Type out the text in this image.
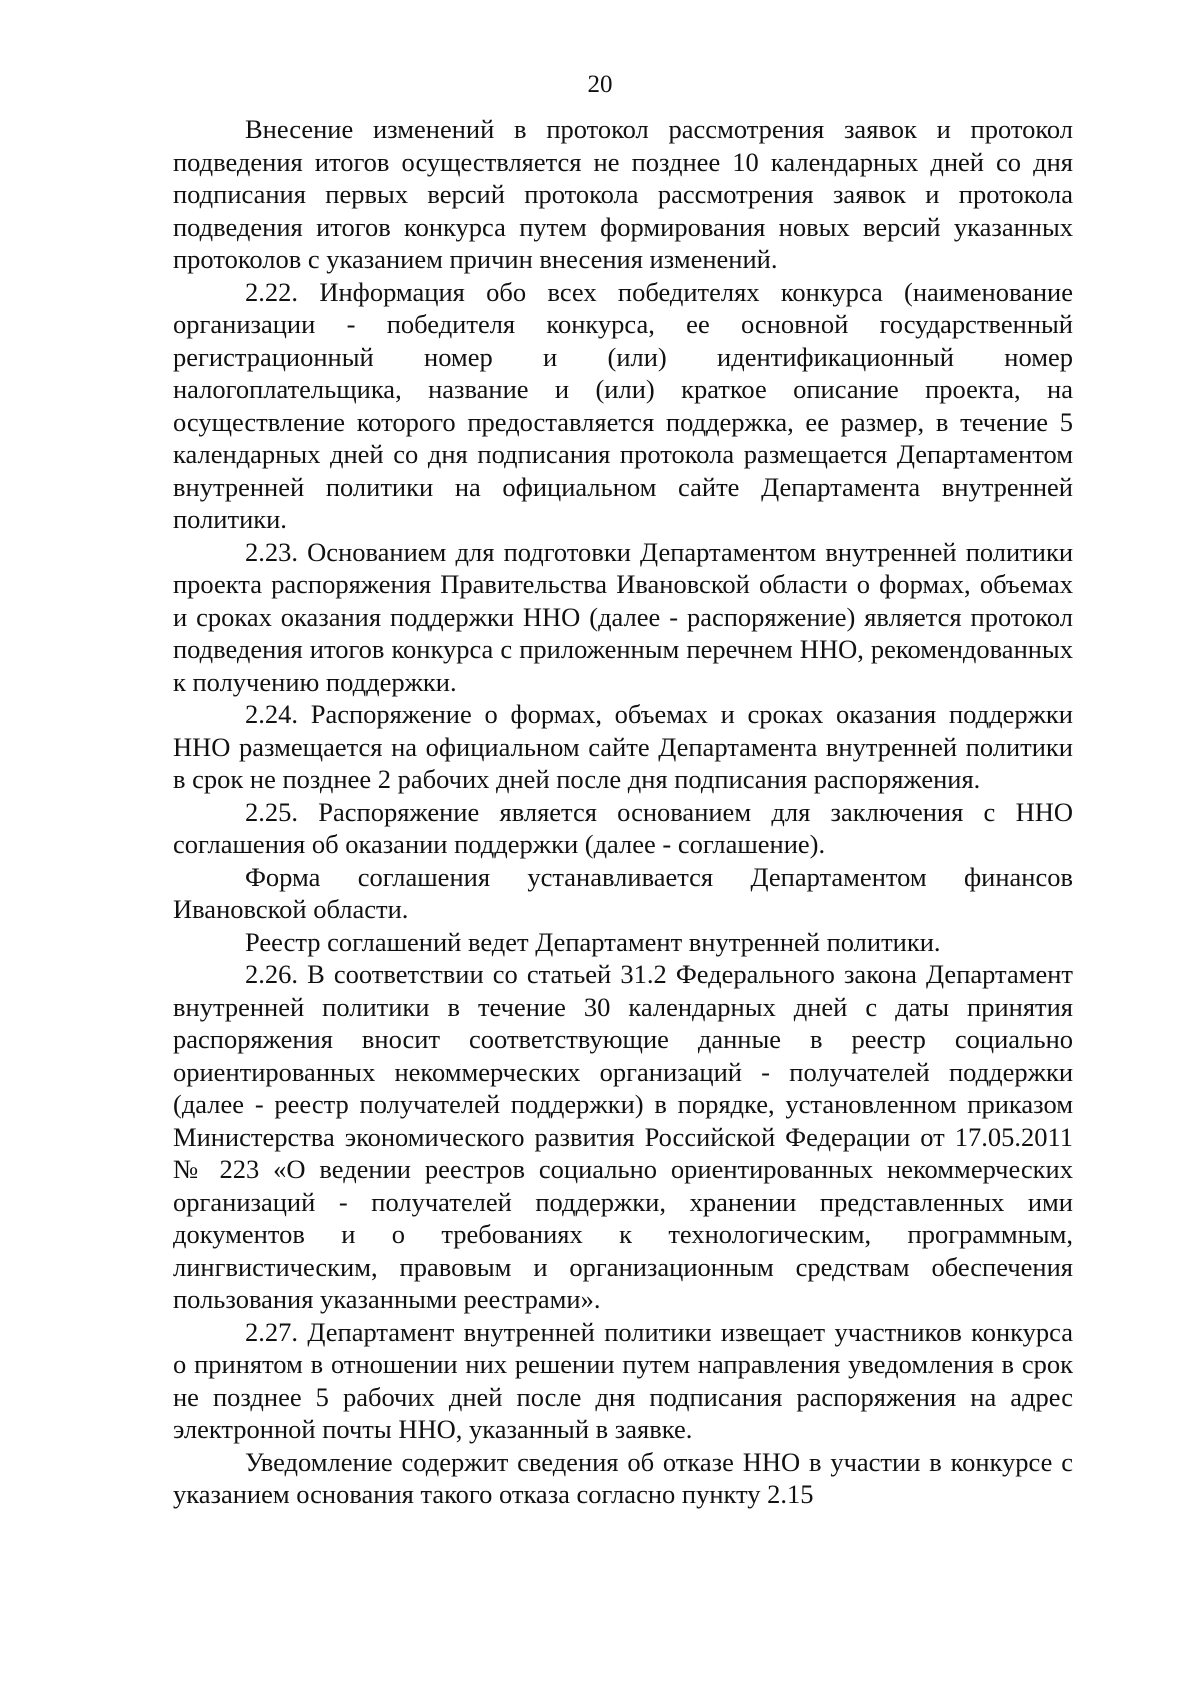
20

Внесение изменений в протокол рассмотрения заявок и протокол подведения итогов осуществляется не позднее 10 календарных дней со дня подписания первых версий протокола рассмотрения заявок и протокола подведения итогов конкурса путем формирования новых версий указанных протоколов с указанием причин внесения изменений.

2.22. Информация обо всех победителях конкурса (наименование организации - победителя конкурса, ее основной государственный регистрационный номер и (или) идентификационный номер налогоплательщика, название и (или) краткое описание проекта, на осуществление которого предоставляется поддержка, ее размер, в течение 5 календарных дней со дня подписания протокола размещается Департаментом внутренней политики на официальном сайте Департамента внутренней политики.

2.23. Основанием для подготовки Департаментом внутренней политики проекта распоряжения Правительства Ивановской области о формах, объемах и сроках оказания поддержки ННО (далее - распоряжение) является протокол подведения итогов конкурса с приложенным перечнем ННО, рекомендованных к получению поддержки.

2.24. Распоряжение о формах, объемах и сроках оказания поддержки ННО размещается на официальном сайте Департамента внутренней политики в срок не позднее 2 рабочих дней после дня подписания распоряжения.

2.25. Распоряжение является основанием для заключения с ННО соглашения об оказании поддержки (далее - соглашение).

Форма соглашения устанавливается Департаментом финансов Ивановской области.

Реестр соглашений ведет Департамент внутренней политики.

2.26. В соответствии со статьей 31.2 Федерального закона Департамент внутренней политики в течение 30 календарных дней с даты принятия распоряжения вносит соответствующие данные в реестр социально ориентированных некоммерческих организаций - получателей поддержки (далее - реестр получателей поддержки) в порядке, установленном приказом Министерства экономического развития Российской Федерации от 17.05.2011 № 223 «О ведении реестров социально ориентированных некоммерческих организаций - получателей поддержки, хранении представленных ими документов и о требованиях к технологическим, программным, лингвистическим, правовым и организационным средствам обеспечения пользования указанными реестрами».

2.27. Департамент внутренней политики извещает участников конкурса о принятом в отношении них решении путем направления уведомления в срок не позднее 5 рабочих дней после дня подписания распоряжения на адрес электронной почты ННО, указанный в заявке.

Уведомление содержит сведения об отказе ННО в участии в конкурсе с указанием основания такого отказа согласно пункту 2.15
